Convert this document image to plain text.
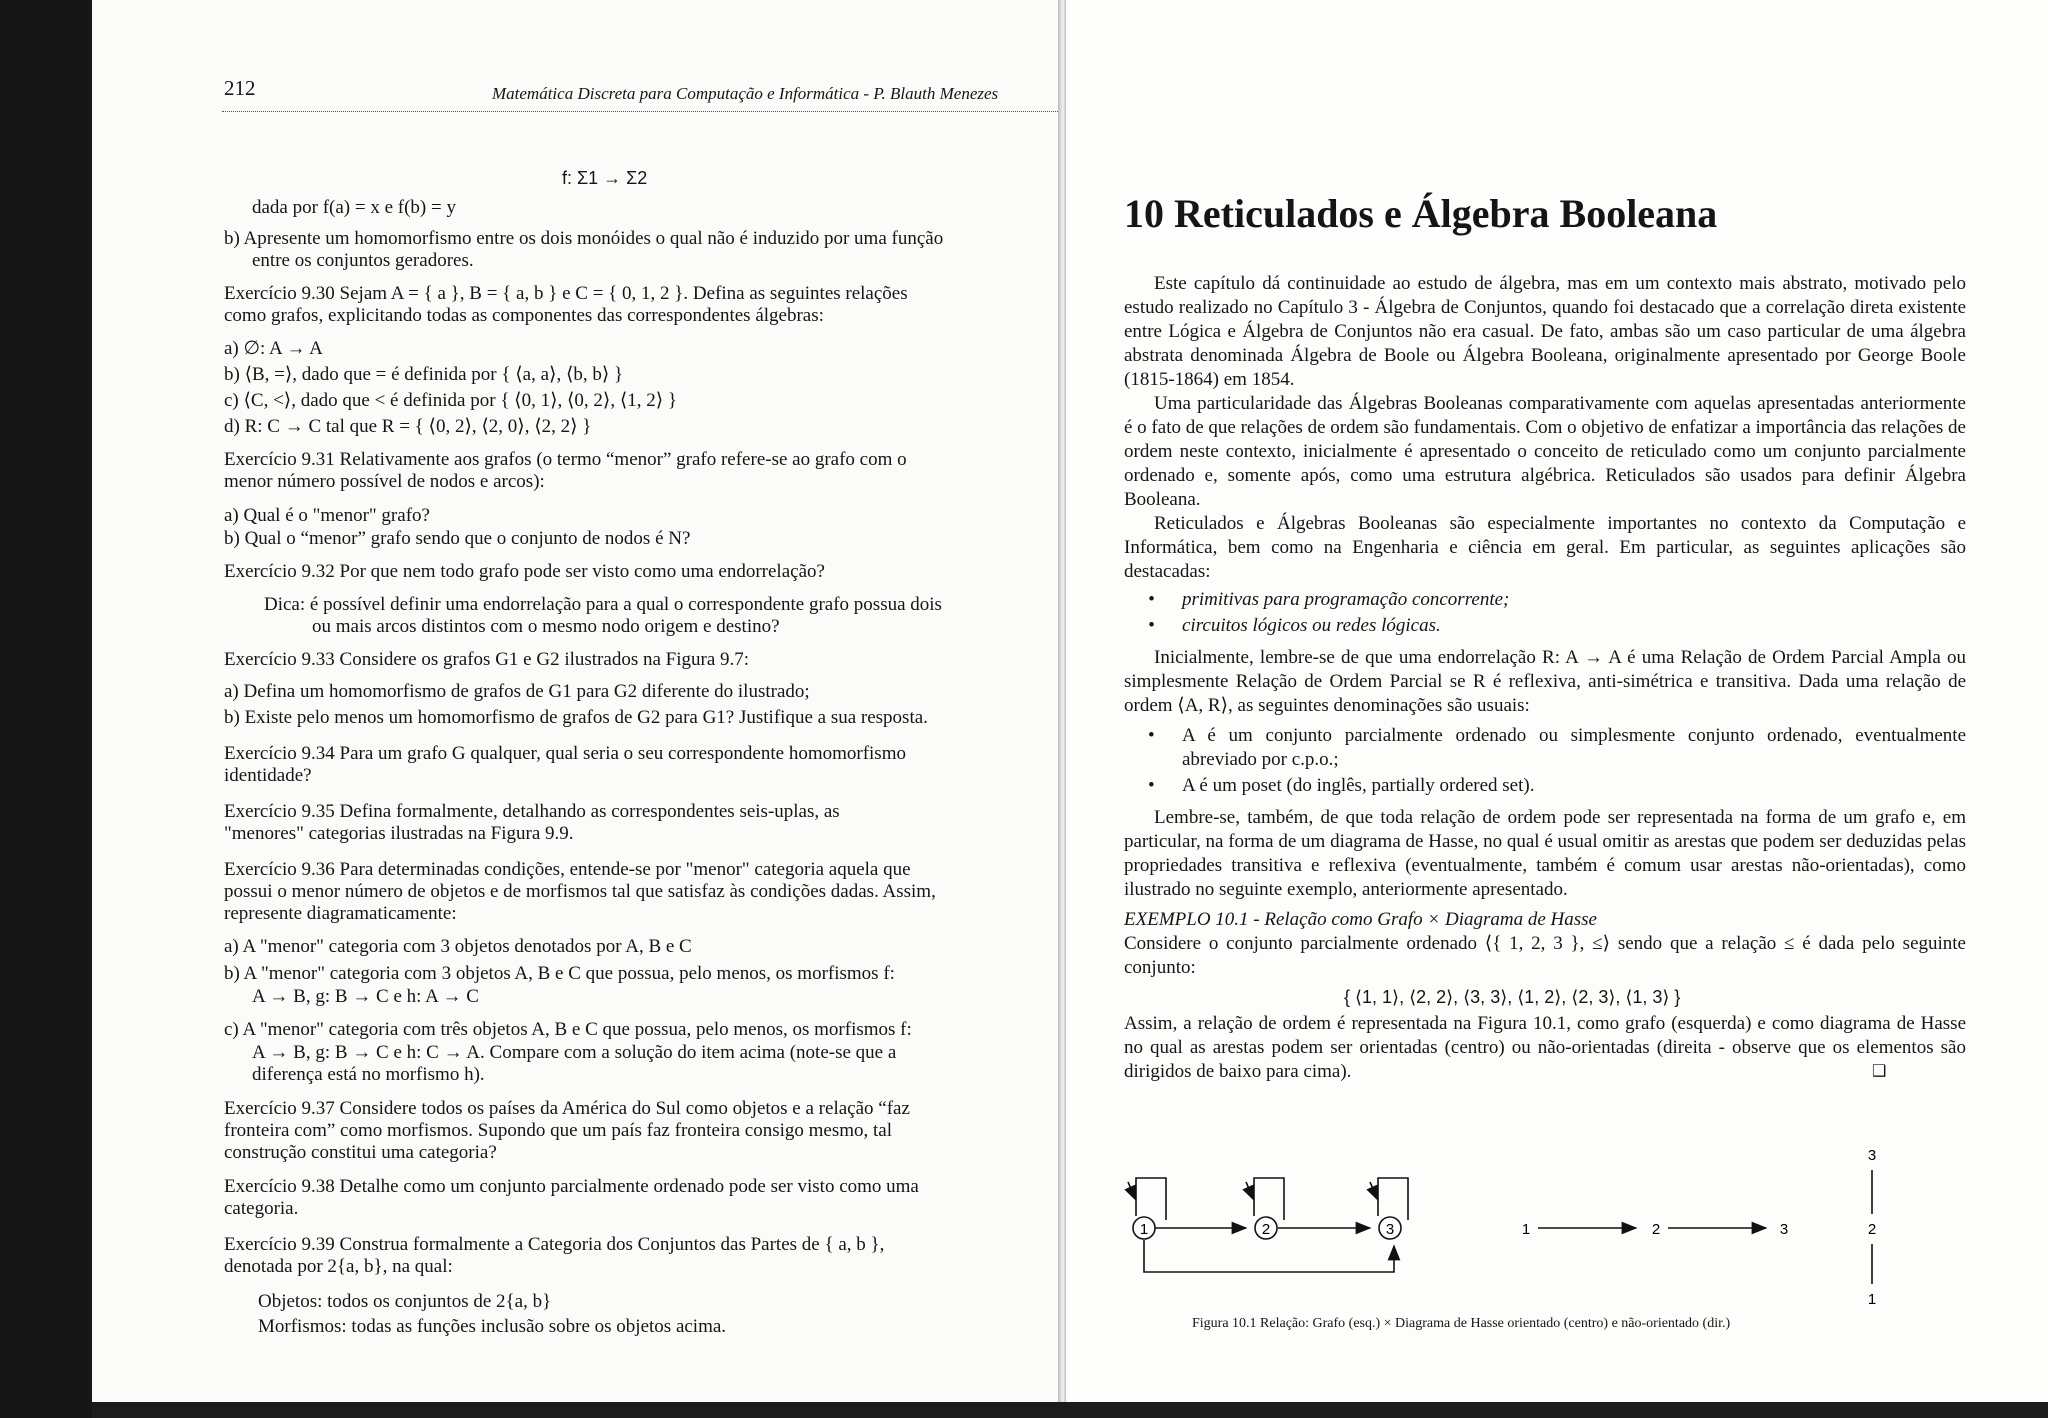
212	Matemática Discreta para Computação e Informática - P. Blauth Menezes
f: Σ1 → Σ2
dada por f(a) = x e f(b) = y
b) Apresente um homomorfismo entre os dois monóides o qual não é induzido por uma função
entre os conjuntos geradores.
Exercício 9.30 Sejam A = { a }, B = { a, b } e C = { 0, 1, 2 }. Defina as seguintes relações
como grafos, explicitando todas as componentes das correspondentes álgebras:
a) ∅: A → A
b) ⟨B, =⟩, dado que = é definida por { ⟨a, a⟩, ⟨b, b⟩ }
c) ⟨C, <⟩, dado que < é definida por { ⟨0, 1⟩, ⟨0, 2⟩, ⟨1, 2⟩ }
d) R: C → C tal que R = { ⟨0, 2⟩, ⟨2, 0⟩, ⟨2, 2⟩ }
Exercício 9.31 Relativamente aos grafos (o termo “menor” grafo refere-se ao grafo com o
menor número possível de nodos e arcos):
a) Qual é o "menor" grafo?
b) Qual o “menor” grafo sendo que o conjunto de nodos é N?
Exercício 9.32 Por que nem todo grafo pode ser visto como uma endorrelação?
Dica: é possível definir uma endorrelação para a qual o correspondente grafo possua dois
ou mais arcos distintos com o mesmo nodo origem e destino?
Exercício 9.33 Considere os grafos G1 e G2 ilustrados na Figura 9.7:
a) Defina um homomorfismo de grafos de G1 para G2 diferente do ilustrado;
b) Existe pelo menos um homomorfismo de grafos de G2 para G1? Justifique a sua resposta.
Exercício 9.34 Para um grafo G qualquer, qual seria o seu correspondente homomorfismo
identidade?
Exercício 9.35 Defina formalmente, detalhando as correspondentes seis-uplas, as
"menores" categorias ilustradas na Figura 9.9.
Exercício 9.36 Para determinadas condições, entende-se por "menor" categoria aquela que
possui o menor número de objetos e de morfismos tal que satisfaz às condições dadas. Assim,
represente diagramaticamente:
a) A "menor" categoria com 3 objetos denotados por A, B e C
b) A "menor" categoria com 3 objetos A, B e C que possua, pelo menos, os morfismos f:
A → B, g: B → C e h: A → C
c) A "menor" categoria com três objetos A, B e C que possua, pelo menos, os morfismos f:
A → B, g: B → C e h: C → A. Compare com a solução do item acima (note-se que a
diferença está no morfismo h).
Exercício 9.37 Considere todos os países da América do Sul como objetos e a relação “faz
fronteira com” como morfismos. Supondo que um país faz fronteira consigo mesmo, tal
construção constitui uma categoria?
Exercício 9.38 Detalhe como um conjunto parcialmente ordenado pode ser visto como uma
categoria.
Exercício 9.39 Construa formalmente a Categoria dos Conjuntos das Partes de { a, b },
denotada por 2{a, b}, na qual:
Objetos: todos os conjuntos de 2{a, b}
Morfismos: todas as funções inclusão sobre os objetos acima.
10 Reticulados e Álgebra Booleana
Este capítulo dá continuidade ao estudo de álgebra, mas em um contexto mais abstrato, motivado pelo estudo realizado no Capítulo 3 - Álgebra de Conjuntos, quando foi destacado que a correlação direta existente entre Lógica e Álgebra de Conjuntos não era casual. De fato, ambas são um caso particular de uma álgebra abstrata denominada Álgebra de Boole ou Álgebra Booleana, originalmente apresentado por George Boole (1815-1864) em 1854.
Uma particularidade das Álgebras Booleanas comparativamente com aquelas apresentadas anteriormente é o fato de que relações de ordem são fundamentais. Com o objetivo de enfatizar a importância das relações de ordem neste contexto, inicialmente é apresentado o conceito de reticulado como um conjunto parcialmente ordenado e, somente após, como uma estrutura algébrica. Reticulados são usados para definir Álgebra Booleana.
Reticulados e Álgebras Booleanas são especialmente importantes no contexto da Computação e Informática, bem como na Engenharia e ciência em geral. Em particular, as seguintes aplicações são destacadas:
• primitivas para programação concorrente;
• circuitos lógicos ou redes lógicas.
Inicialmente, lembre-se de que uma endorrelação R: A → A é uma Relação de Ordem Parcial Ampla ou simplesmente Relação de Ordem Parcial se R é reflexiva, anti-simétrica e transitiva. Dada uma relação de ordem ⟨A, R⟩, as seguintes denominações são usuais:
• A é um conjunto parcialmente ordenado ou simplesmente conjunto ordenado, eventualmente abreviado por c.p.o.;
• A é um poset (do inglês, partially ordered set).
Lembre-se, também, de que toda relação de ordem pode ser representada na forma de um grafo e, em particular, na forma de um diagrama de Hasse, no qual é usual omitir as arestas que podem ser deduzidas pelas propriedades transitiva e reflexiva (eventualmente, também é comum usar arestas não-orientadas), como ilustrado no seguinte exemplo, anteriormente apresentado.
EXEMPLO 10.1 - Relação como Grafo × Diagrama de Hasse
Considere o conjunto parcialmente ordenado ⟨{ 1, 2, 3 }, ≤⟩ sendo que a relação ≤ é dada pelo seguinte conjunto:
{ ⟨1, 1⟩, ⟨2, 2⟩, ⟨3, 3⟩, ⟨1, 2⟩, ⟨2, 3⟩, ⟨1, 3⟩ }
Assim, a relação de ordem é representada na Figura 10.1, como grafo (esquerda) e como diagrama de Hasse no qual as arestas podem ser orientadas (centro) ou não-orientadas (direita - observe que os elementos são dirigidos de baixo para cima).	❑
1	2	3	1	2	3
3
2
1
Figura 10.1 Relação: Grafo (esq.) × Diagrama de Hasse orientado (centro) e não-orientado (dir.)
